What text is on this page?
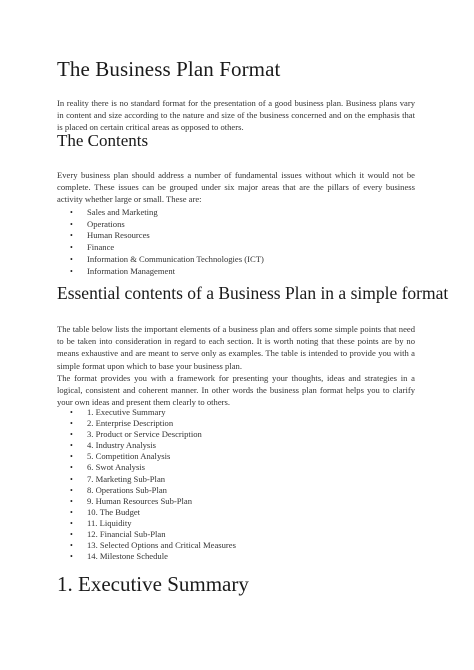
The Business Plan Format

In reality there is no standard format for the presentation of a good business plan. Business plans vary in content and size according to the nature and size of the business concerned and on the emphasis that is placed on certain critical areas as opposed to others.

The Contents

Every business plan should address a number of fundamental issues without which it would not be complete. These issues can be grouped under six major areas that are the pillars of every business activity whether large or small. These are:

• Sales and Marketing
• Operations
• Human Resources
• Finance
• Information & Communication Technologies (ICT)
• Information Management
Essential contents of a Business Plan in a simple format

The table below lists the important elements of a business plan and offers some simple points that need to be taken into consideration in regard to each section. It is worth noting that these points are by no means exhaustive and are meant to serve only as examples. The table is intended to provide you with a simple format upon which to base your business plan.

The format provides you with a framework for presenting your thoughts, ideas and strategies in a logical, consistent and coherent manner. In other words the business plan format helps you to clarify your own ideas and present them clearly to others.

• 1. Executive Summary
• 2. Enterprise Description
• 3. Product or Service Description
• 4. Industry Analysis
• 5. Competition Analysis
• 6. Swot Analysis
• 7. Marketing Sub-Plan
• 8. Operations Sub-Plan
• 9. Human Resources Sub-Plan
• 10. The Budget
• 11. Liquidity
• 12. Financial Sub-Plan
• 13. Selected Options and Critical Measures
• 14. Milestone Schedule
1. Executive Summary
